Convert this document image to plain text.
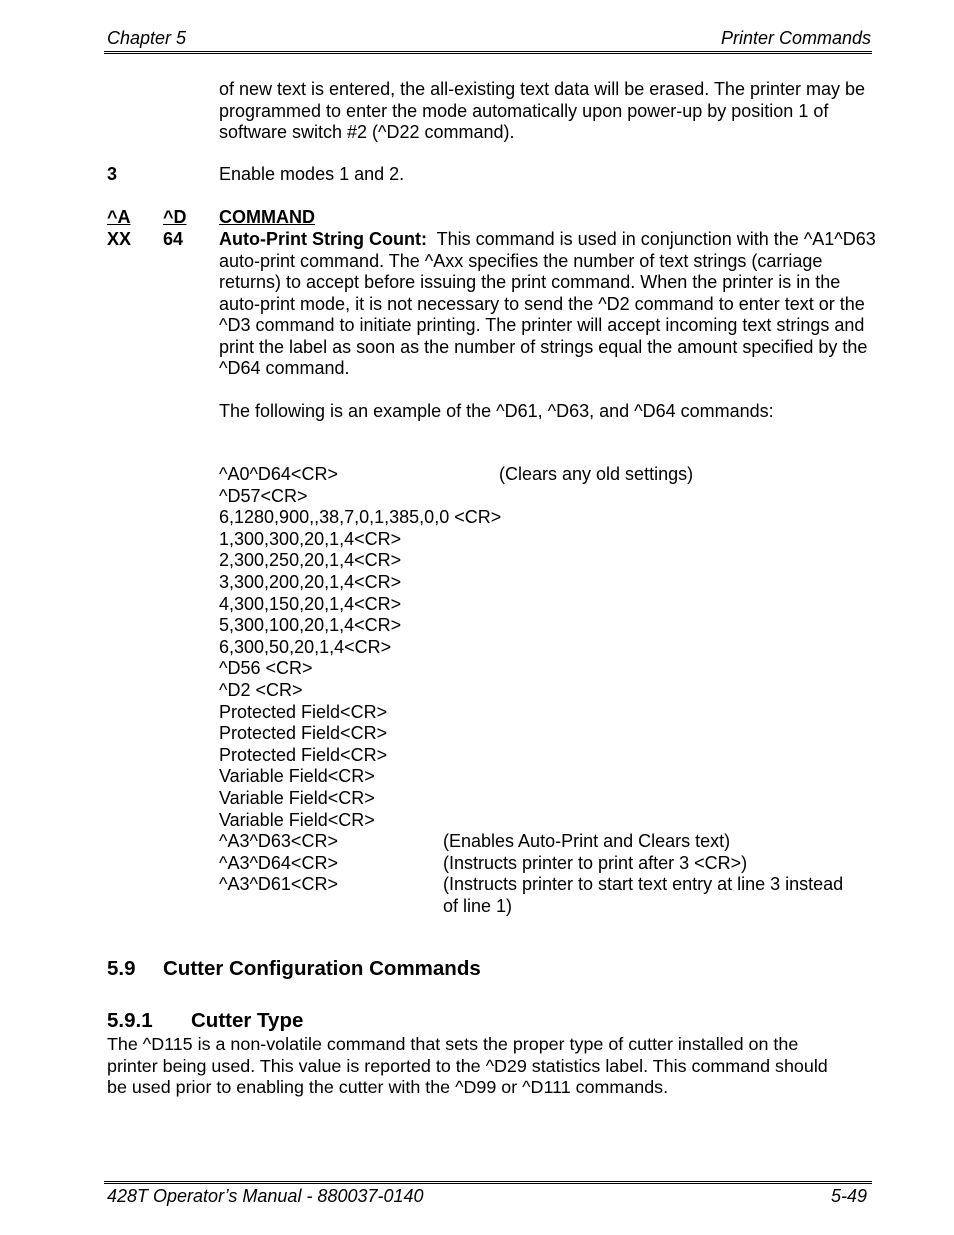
Chapter 5	Printer Commands
of new text is entered, the all-existing text data will be erased. The printer may be programmed to enter the mode automatically upon power-up by position 1 of software switch #2 (^D22 command).
3	Enable modes 1 and 2.
^A ^D COMMAND
XX 64 Auto-Print String Count: This command is used in conjunction with the ^A1^D63 auto-print command. The ^Axx specifies the number of text strings (carriage returns) to accept before issuing the print command. When the printer is in the auto-print mode, it is not necessary to send the ^D2 command to enter text or the ^D3 command to initiate printing. The printer will accept incoming text strings and print the label as soon as the number of strings equal the amount specified by the ^D64 command.
The following is an example of the ^D61, ^D63, and ^D64 commands:
^A0^D64<CR>	(Clears any old settings)
^D57<CR>
6,1280,900,,38,7,0,1,385,0,0 <CR>
1,300,300,20,1,4<CR>
2,300,250,20,1,4<CR>
3,300,200,20,1,4<CR>
4,300,150,20,1,4<CR>
5,300,100,20,1,4<CR>
6,300,50,20,1,4<CR>
^D56 <CR>
^D2 <CR>
Protected Field<CR>
Protected Field<CR>
Protected Field<CR>
Variable Field<CR>
Variable Field<CR>
Variable Field<CR>
^A3^D63<CR>	(Enables Auto-Print and Clears text)
^A3^D64<CR>	(Instructs printer to print after 3 <CR>)
^A3^D61<CR>	(Instructs printer to start text entry at line 3 instead
of line 1)
5.9 Cutter Configuration Commands
5.9.1 Cutter Type
The ^D115 is a non-volatile command that sets the proper type of cutter installed on the printer being used. This value is reported to the ^D29 statistics label. This command should be used prior to enabling the cutter with the ^D99 or ^D111 commands.
428T Operator’s Manual - 880037-0140	5-49
